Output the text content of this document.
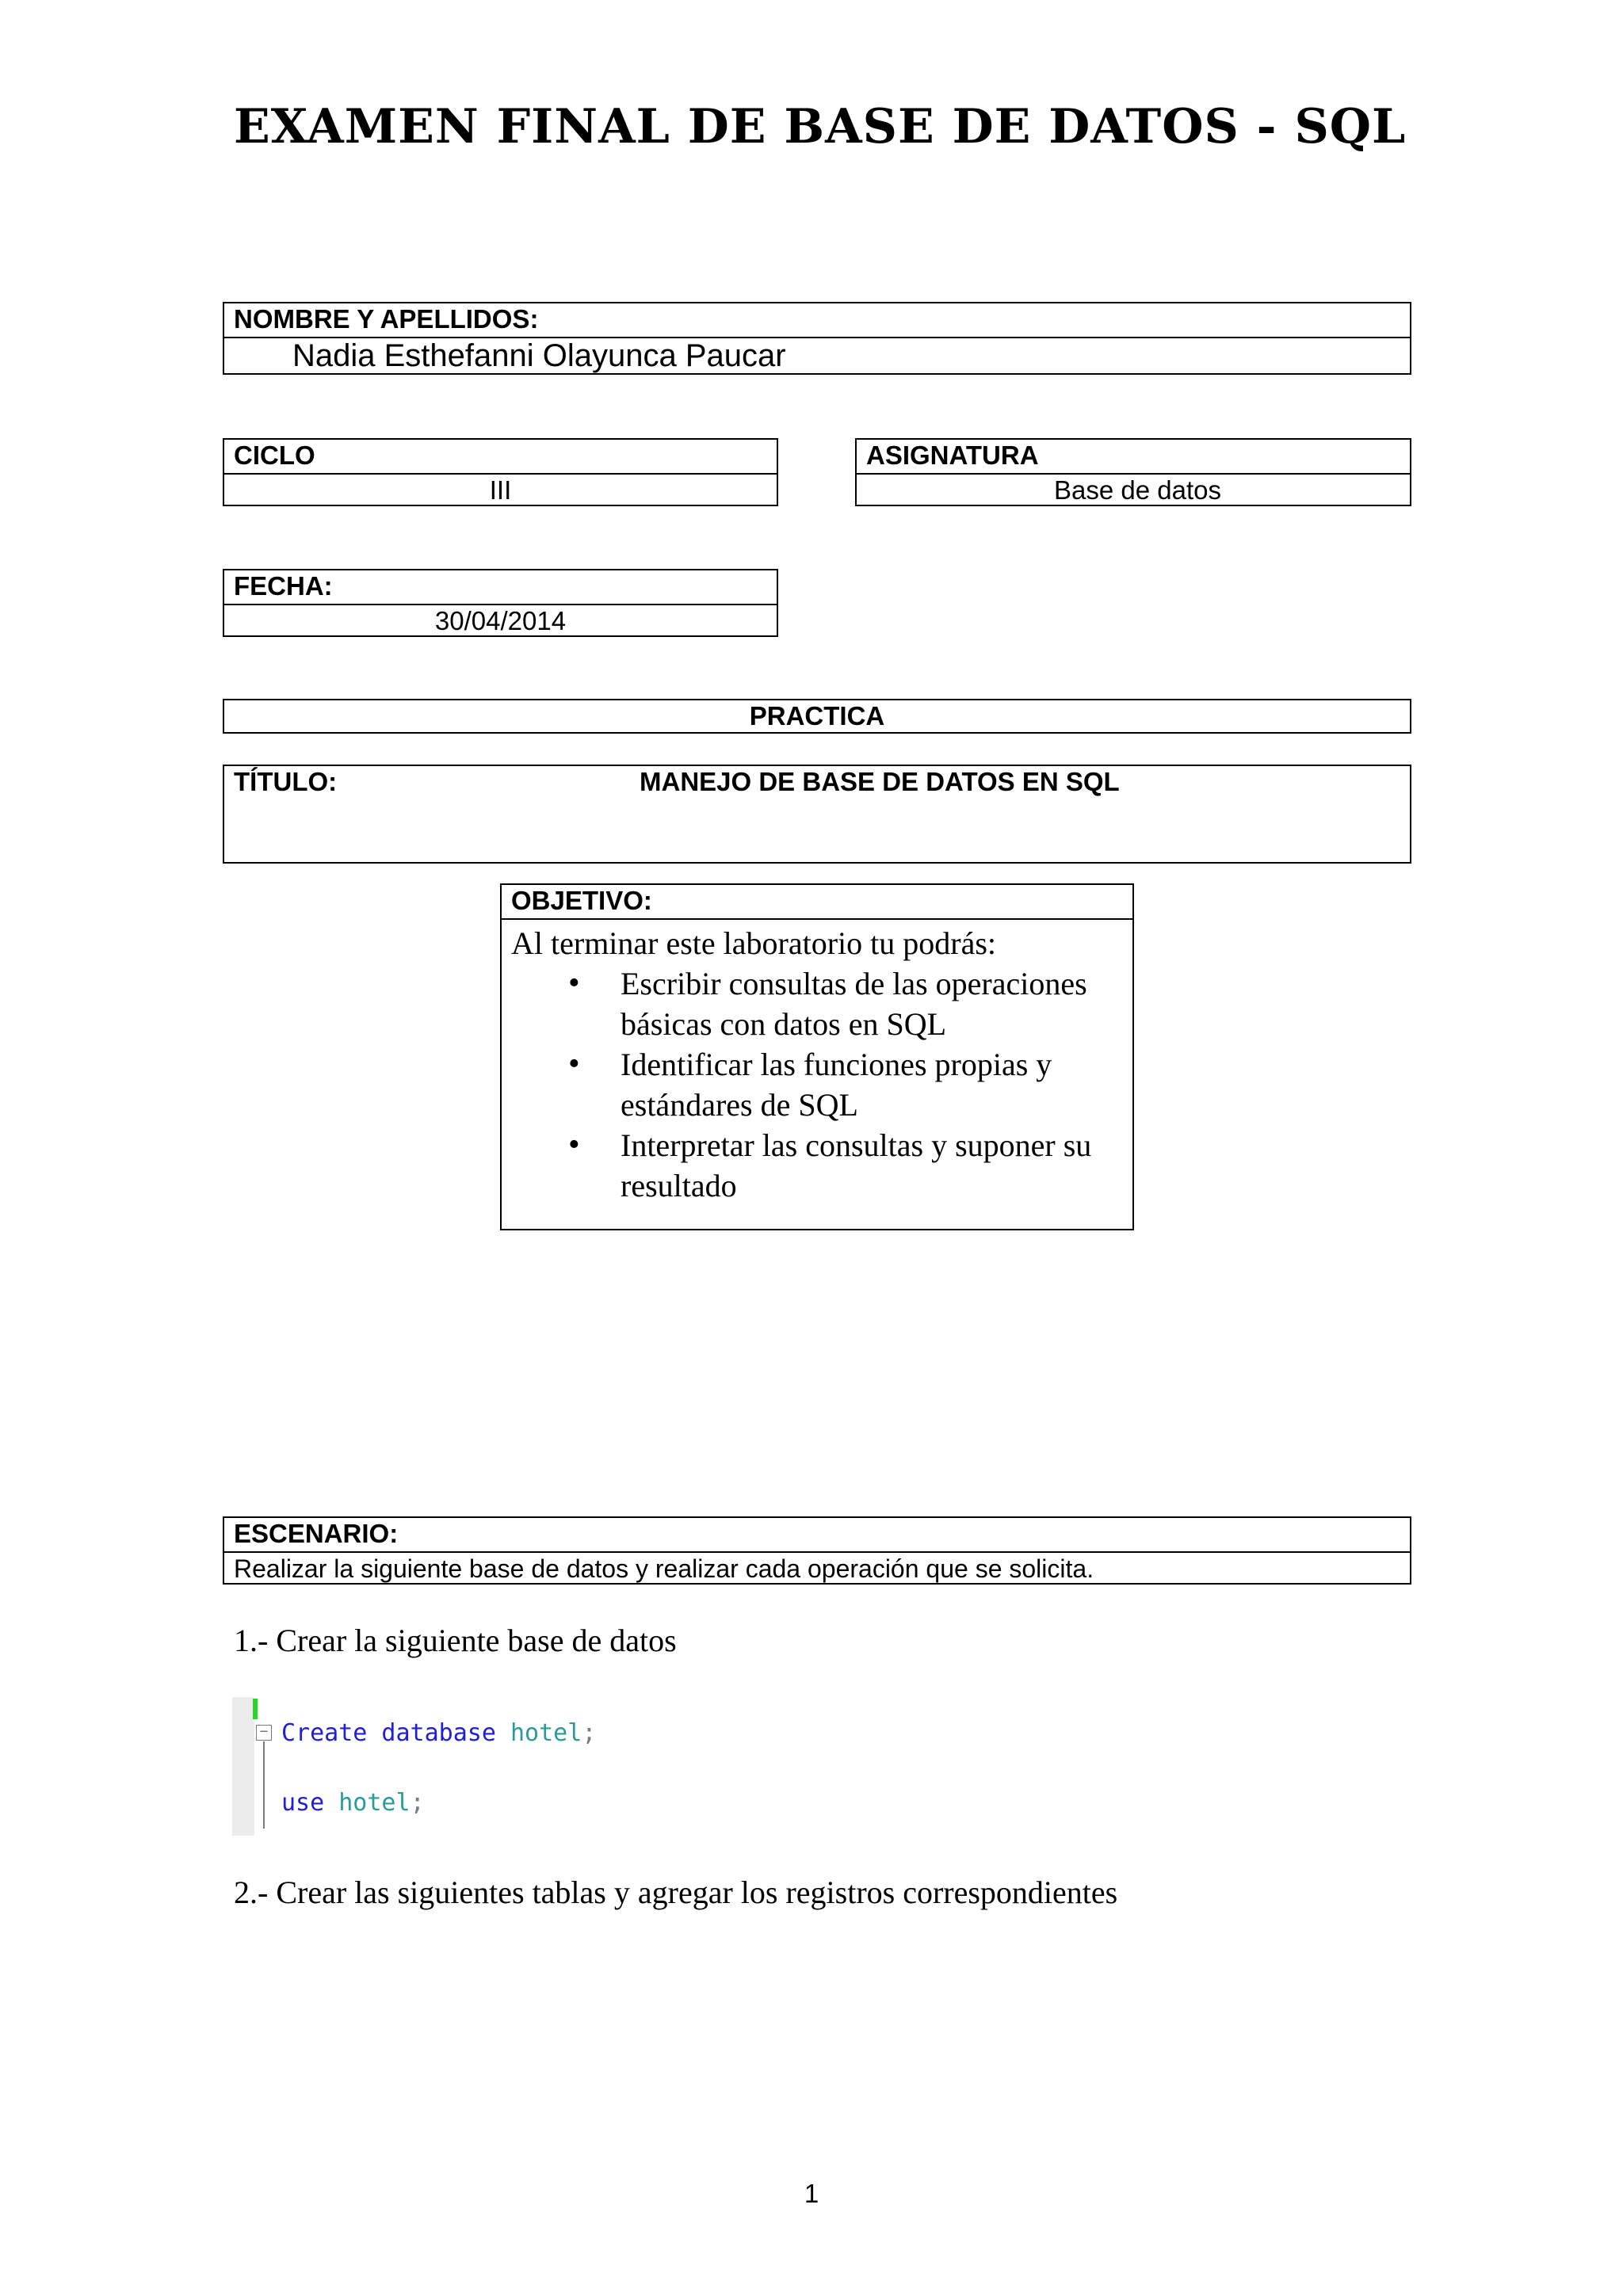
EXAMEN FINAL DE BASE DE DATOS - SQL
NOMBRE Y APELLIDOS:
Nadia Esthefanni Olayunca Paucar
CICLO
III
ASIGNATURA
Base de datos
FECHA:
30/04/2014
PRACTICA
TÍTULO:	MANEJO DE BASE DE DATOS EN SQL
OBJETIVO:
Al terminar este laboratorio tu podrás:
• Escribir consultas de las operaciones básicas con datos en SQL
• Identificar las funciones propias y estándares de SQL
• Interpretar las consultas y suponer su resultado
ESCENARIO:
Realizar la siguiente base de datos y realizar cada operación que se solicita.
1.- Crear la siguiente base de datos
− Create database hotel;
use hotel;
2.- Crear las siguientes tablas y agregar los registros correspondientes
1
